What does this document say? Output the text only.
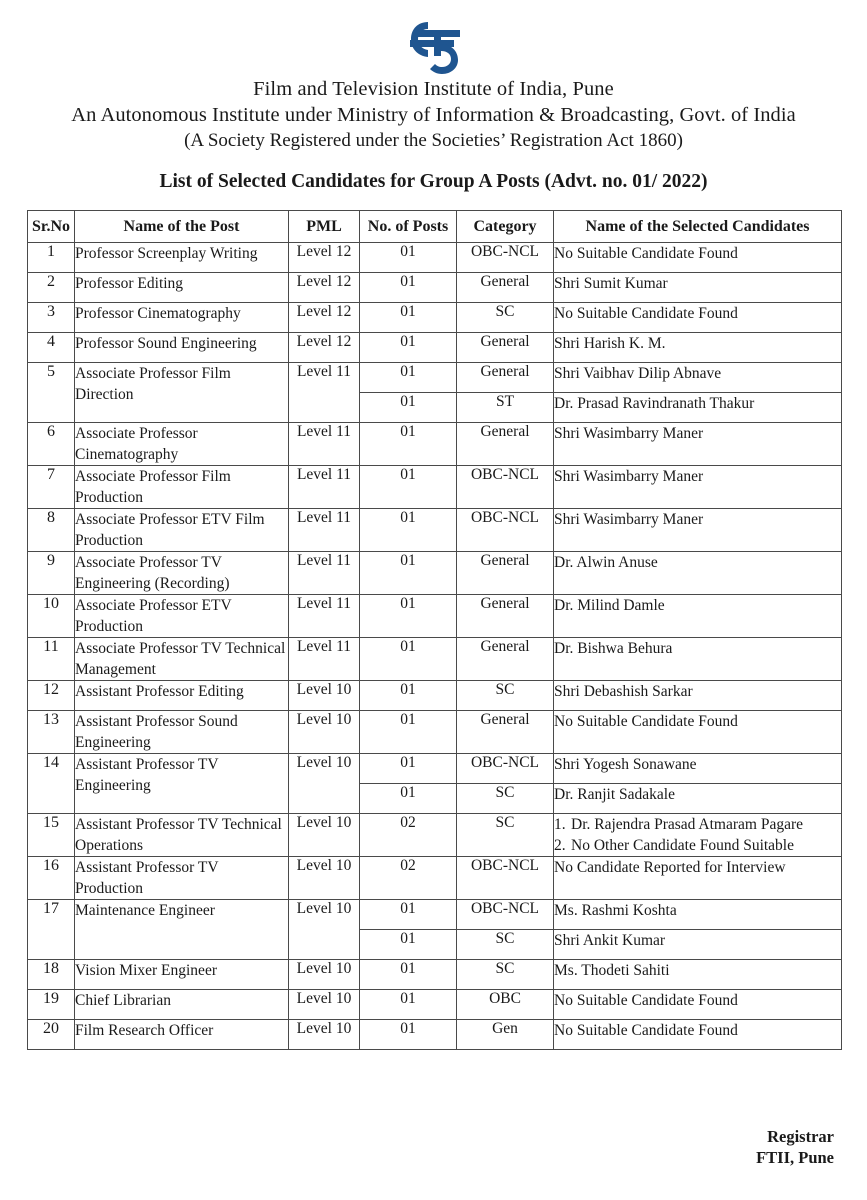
Film and Television Institute of India, Pune
An Autonomous Institute under Ministry of Information & Broadcasting, Govt. of India
(A Society Registered under the Societies’ Registration Act 1860)
List of Selected Candidates for Group A Posts (Advt. no. 01/ 2022)
Sr.No	Name of the Post	PML	No. of Posts	Category	Name of the Selected Candidates
1	Professor Screenplay Writing	Level 12	01	OBC-NCL	No Suitable Candidate Found
2	Professor Editing	Level 12	01	General	Shri Sumit Kumar
3	Professor Cinematography	Level 12	01	SC	No Suitable Candidate Found
4	Professor Sound Engineering	Level 12	01	General	Shri Harish K. M.
5	Associate Professor Film Direction	Level 11	01	General	Shri Vaibhav Dilip Abnave
			01	ST	Dr. Prasad Ravindranath Thakur
6	Associate Professor Cinematography	Level 11	01	General	Shri Wasimbarry Maner
7	Associate Professor Film Production	Level 11	01	OBC-NCL	Shri Wasimbarry Maner
8	Associate Professor ETV Film Production	Level 11	01	OBC-NCL	Shri Wasimbarry Maner
9	Associate Professor TV Engineering (Recording)	Level 11	01	General	Dr. Alwin Anuse
10	Associate Professor ETV Production	Level 11	01	General	Dr. Milind Damle
11	Associate Professor TV Technical Management	Level 11	01	General	Dr. Bishwa Behura
12	Assistant Professor Editing	Level 10	01	SC	Shri Debashish Sarkar
13	Assistant Professor Sound Engineering	Level 10	01	General	No Suitable Candidate Found
14	Assistant Professor TV Engineering	Level 10	01	OBC-NCL	Shri Yogesh Sonawane
			01	SC	Dr. Ranjit Sadakale
15	Assistant Professor TV Technical Operations	Level 10	02	SC	1. Dr. Rajendra Prasad Atmaram Pagare
2. No Other Candidate Found Suitable

16	Assistant Professor TV Production	Level 10	02	OBC-NCL	No Candidate Reported for Interview
17	Maintenance Engineer	Level 10	01	OBC-NCL	Ms. Rashmi Koshta
			01	SC	Shri Ankit Kumar
18	Vision Mixer Engineer	Level 10	01	SC	Ms. Thodeti Sahiti
19	Chief Librarian	Level 10	01	OBC	No Suitable Candidate Found
20	Film Research Officer	Level 10	01	Gen	No Suitable Candidate Found
Registrar
FTII, Pune
